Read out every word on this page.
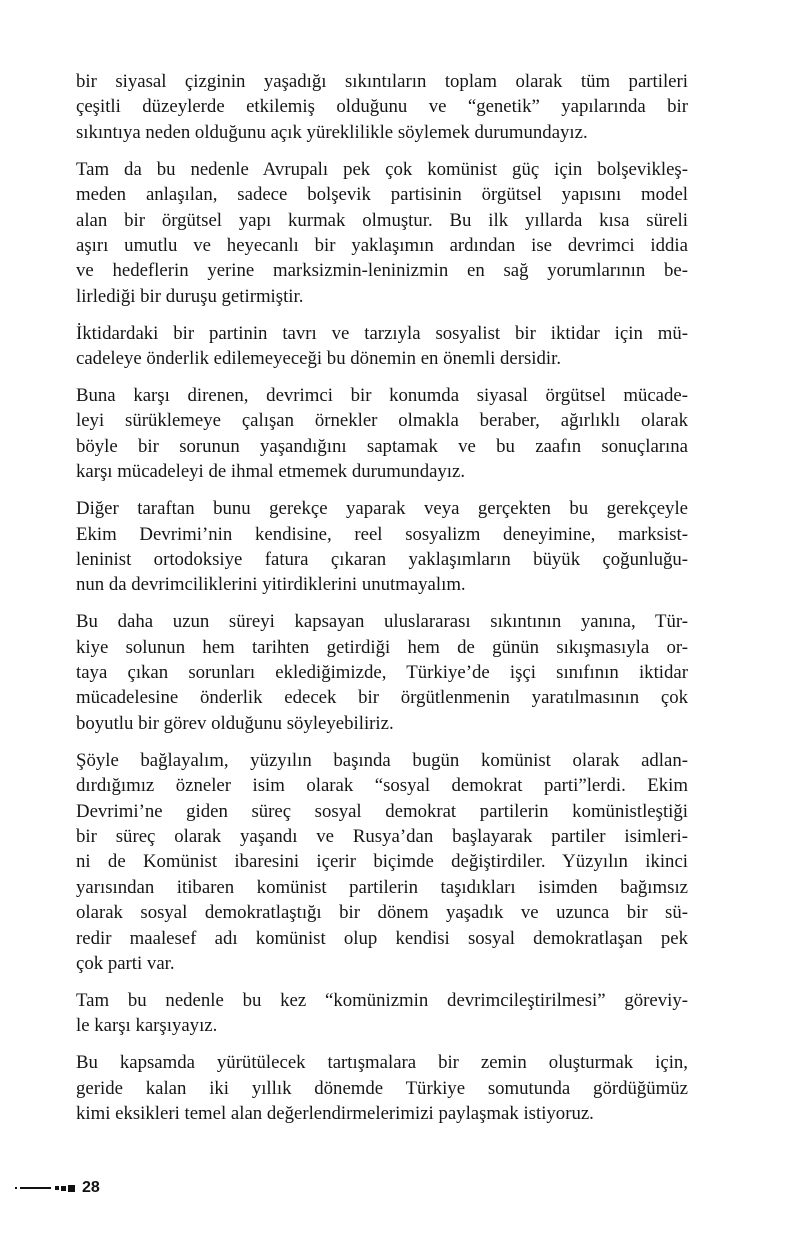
bir siyasal çizginin yaşadığı sıkıntıların toplam olarak tüm partileri
çeşitli düzeylerde etkilemiş olduğunu ve “genetik” yapılarında bir
sıkıntıya neden olduğunu açık yüreklilikle söylemek durumundayız.
Tam da bu nedenle Avrupalı pek çok komünist güç için bolşevikleş-
meden anlaşılan, sadece bolşevik partisinin örgütsel yapısını model
alan bir örgütsel yapı kurmak olmuştur. Bu ilk yıllarda kısa süreli
aşırı umutlu ve heyecanlı bir yaklaşımın ardından ise devrimci iddia
ve hedeflerin yerine marksizmin-leninizmin en sağ yorumlarının be-
lirlediği bir duruşu getirmiştir.
İktidardaki bir partinin tavrı ve tarzıyla sosyalist bir iktidar için mü-
cadeleye önderlik edilemeyeceği bu dönemin en önemli dersidir.
Buna karşı direnen, devrimci bir konumda siyasal örgütsel mücade-
leyi sürüklemeye çalışan örnekler olmakla beraber, ağırlıklı olarak
böyle bir sorunun yaşandığını saptamak ve bu zaafın sonuçlarına
karşı mücadeleyi de ihmal etmemek durumundayız.
Diğer taraftan bunu gerekçe yaparak veya gerçekten bu gerekçeyle
Ekim Devrimi’nin kendisine, reel sosyalizm deneyimine, marksist-
leninist ortodoksiye fatura çıkaran yaklaşımların büyük çoğunluğu-
nun da devrimciliklerini yitirdiklerini unutmayalım.
Bu daha uzun süreyi kapsayan uluslararası sıkıntının yanına, Tür-
kiye solunun hem tarihten getirdiği hem de günün sıkışmasıyla or-
taya çıkan sorunları eklediğimizde, Türkiye’de işçi sınıfının iktidar
mücadelesine önderlik edecek bir örgütlenmenin yaratılmasının çok
boyutlu bir görev olduğunu söyleyebiliriz.
Şöyle bağlayalım, yüzyılın başında bugün komünist olarak adlan-
dırdığımız özneler isim olarak “sosyal demokrat parti”lerdi. Ekim
Devrimi’ne giden süreç sosyal demokrat partilerin komünistleştiği
bir süreç olarak yaşandı ve Rusya’dan başlayarak partiler isimleri-
ni de Komünist ibaresini içerir biçimde değiştirdiler. Yüzyılın ikinci
yarısından itibaren komünist partilerin taşıdıkları isimden bağımsız
olarak sosyal demokratlaştığı bir dönem yaşadık ve uzunca bir sü-
redir maalesef adı komünist olup kendisi sosyal demokratlaşan pek
çok parti var.
Tam bu nedenle bu kez “komünizmin devrimcileştirilmesi” göreviy-
le karşı karşıyayız.
Bu kapsamda yürütülecek tartışmalara bir zemin oluşturmak için,
geride kalan iki yıllık dönemde Türkiye somutunda gördüğümüz
kimi eksikleri temel alan değerlendirmelerimizi paylaşmak istiyoruz.
28
